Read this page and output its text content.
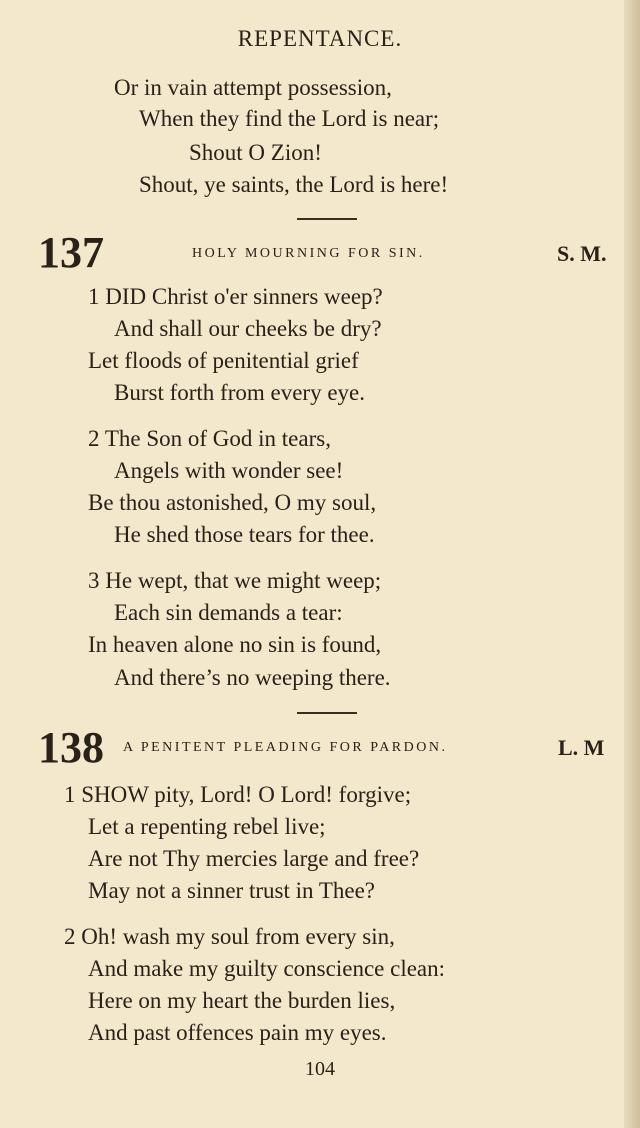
REPENTANCE.
Or in vain attempt possession,
When they find the Lord is near;
Shout O Zion!
Shout, ye saints, the Lord is here!
137	HOLY MOURNING FOR SIN.	S. M.
1 DID Christ o'er sinners weep?
And shall our cheeks be dry?
Let floods of penitential grief
Burst forth from every eye.
2 The Son of God in tears,
Angels with wonder see!
Be thou astonished, O my soul,
He shed those tears for thee.
3 He wept, that we might weep;
Each sin demands a tear:
In heaven alone no sin is found,
And there’s no weeping there.
138 A PENITENT PLEADING FOR PARDON.	L. M
1 SHOW pity, Lord! O Lord! forgive;
Let a repenting rebel live;
Are not Thy mercies large and free?
May not a sinner trust in Thee?
2 Oh! wash my soul from every sin,
And make my guilty conscience clean:
Here on my heart the burden lies,
And past offences pain my eyes.
104
